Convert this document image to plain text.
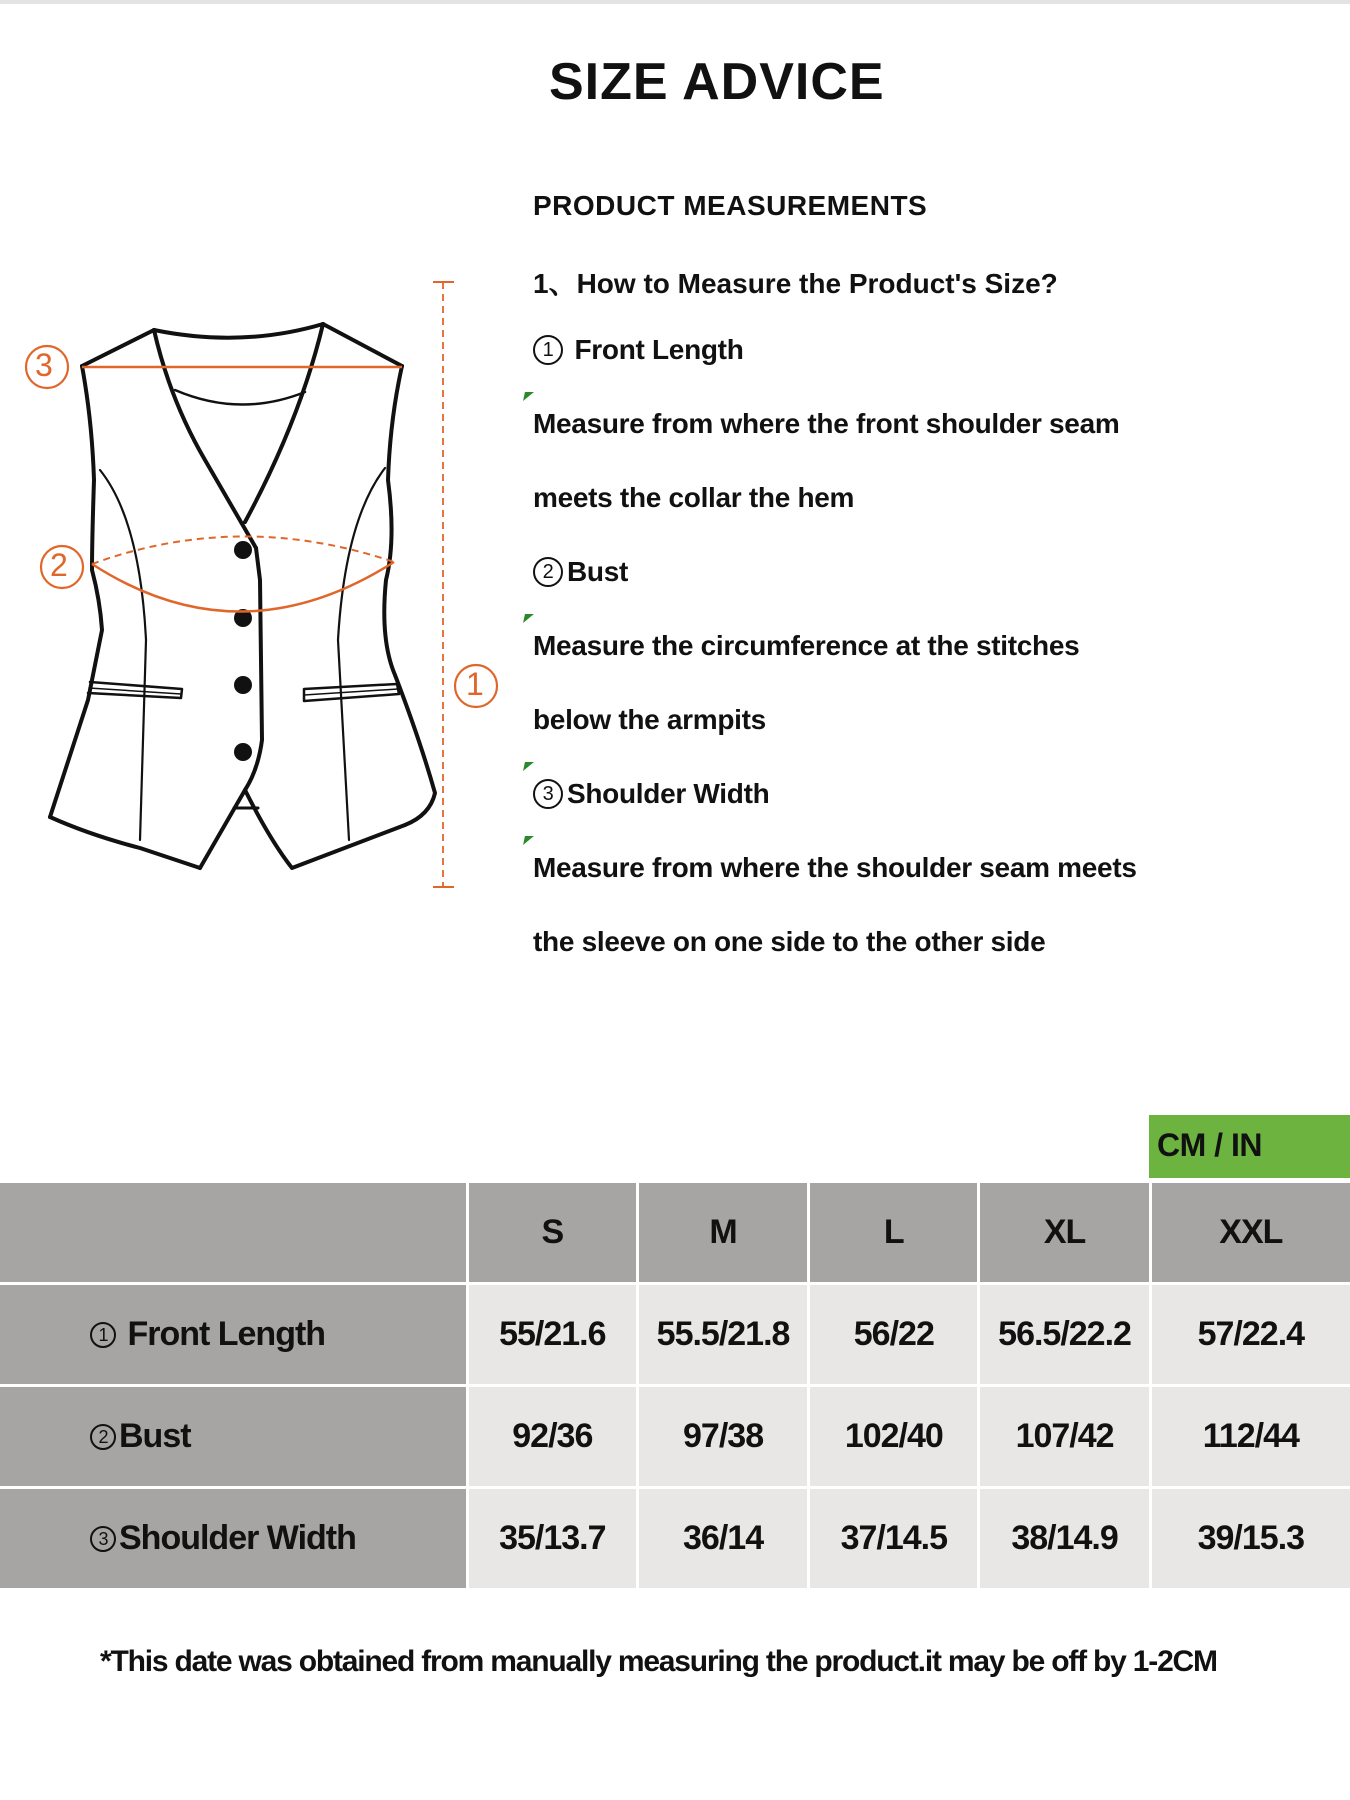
SIZE ADVICE
PRODUCT MEASUREMENTS
1、How to Measure the Product's Size?
1 Front Length
Measure from where the front shoulder seam
meets the collar the hem
2 Bust
Measure the circumference at the stitches
below the armpits
3 Shoulder Width
Measure from where the shoulder seam meets
the sleeve on one side to the other side
3
2
1
CM / IN
	S	M	L	XL	XXL
1 Front Length	55/21.6	55.5/21.8	56/22	56.5/22.2	57/22.4
2 Bust	92/36	97/38	102/40	107/42	112/44
3 Shoulder Width	35/13.7	36/14	37/14.5	38/14.9	39/15.3

*This date was obtained from manually measuring the product.it may be off by 1-2CM
